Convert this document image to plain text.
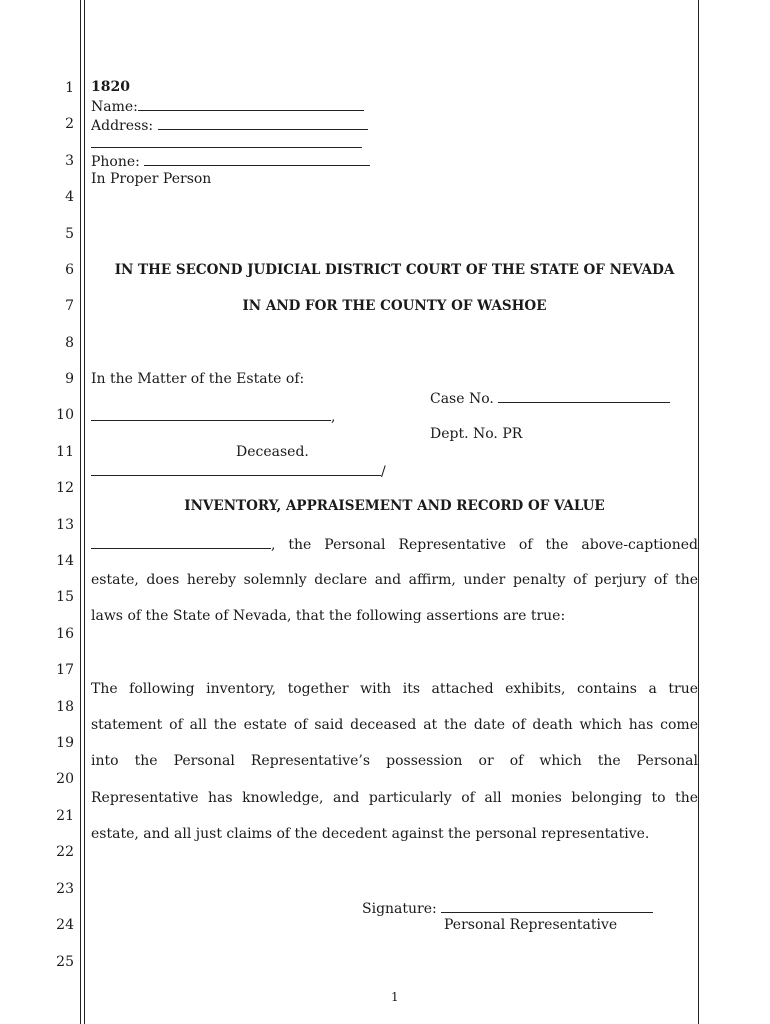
1
2
3
4
5
6
7
8
9
10
11
12
13
14
15
16
17
18
19
20
21
22
23
24
25
1820
Name:
Address:
Phone:
In Proper Person
IN THE SECOND JUDICIAL DISTRICT COURT OF THE STATE OF NEVADA
IN AND FOR THE COUNTY OF WASHOE
In the Matter of the Estate of:
Case No.
,
Dept. No. PR
Deceased.
/
INVENTORY, APPRAISEMENT AND RECORD OF VALUE
, the Personal Representative of the above-captioned
estate, does hereby solemnly declare and affirm, under penalty of perjury of the
laws of the State of Nevada, that the following assertions are true:
The following inventory, together with its attached exhibits, contains a true
statement of all the estate of said deceased at the date of death which has come
into the Personal Representative’s possession or of which the Personal
Representative has knowledge, and particularly of all monies belonging to the
estate, and all just claims of the decedent against the personal representative.
Signature:
Personal Representative
1
